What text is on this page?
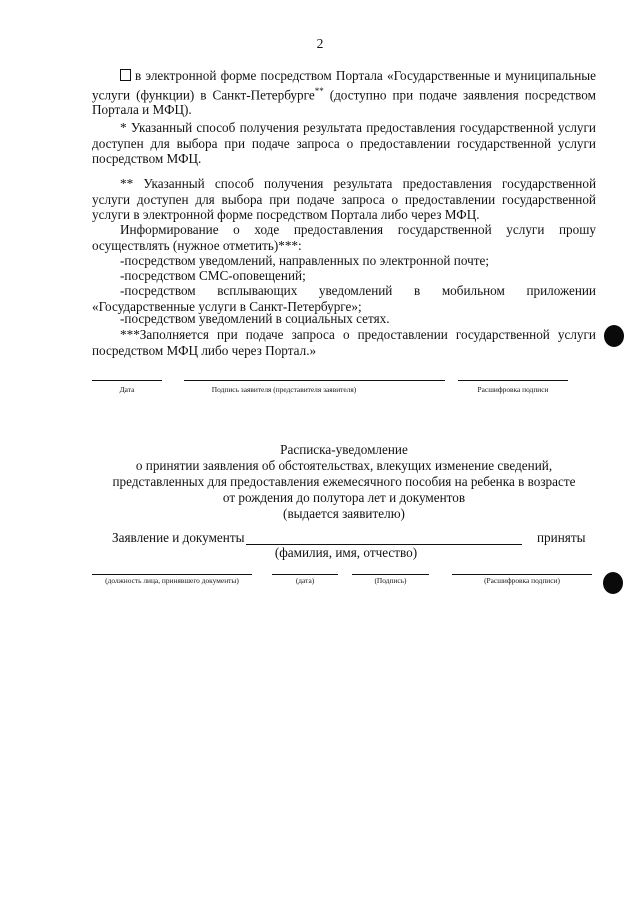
2
в электронной форме посредством Портала «Государственные и муниципальные услуги (функции) в Санкт-Петербурге** (доступно при подаче заявления посредством Портала и МФЦ).
* Указанный способ получения результата предоставления государственной услуги доступен для выбора при подаче запроса о предоставлении государственной услуги посредством МФЦ.
** Указанный способ получения результата предоставления государственной услуги доступен для выбора при подаче запроса о предоставлении государственной услуги в электронной форме посредством Портала либо через МФЦ.
Информирование о ходе предоставления государственной услуги прошу осуществлять (нужное отметить)***:
-посредством уведомлений, направленных по электронной почте;
-посредством СМС-оповещений;
-посредством всплывающих уведомлений в мобильном приложении «Государственные услуги в Санкт-Петербурге»;
-посредством уведомлений в социальных сетях.
***Заполняется при подаче запроса о предоставлении государственной услуги посредством МФЦ либо через Портал.»
Дата	Подпись заявителя (представителя заявителя)	Расшифровка подписи
Расписка-уведомление
о принятии заявления об обстоятельствах, влекущих изменение сведений,
представленных для предоставления ежемесячного пособия на ребенка в возрасте
от рождения до полутора лет и документов
(выдается заявителю)
Заявление и документы	приняты
(фамилия, имя, отчество)
(должность лица, принявшего документы)	(дата)	(Подпись)	(Расшифровка подписи)
